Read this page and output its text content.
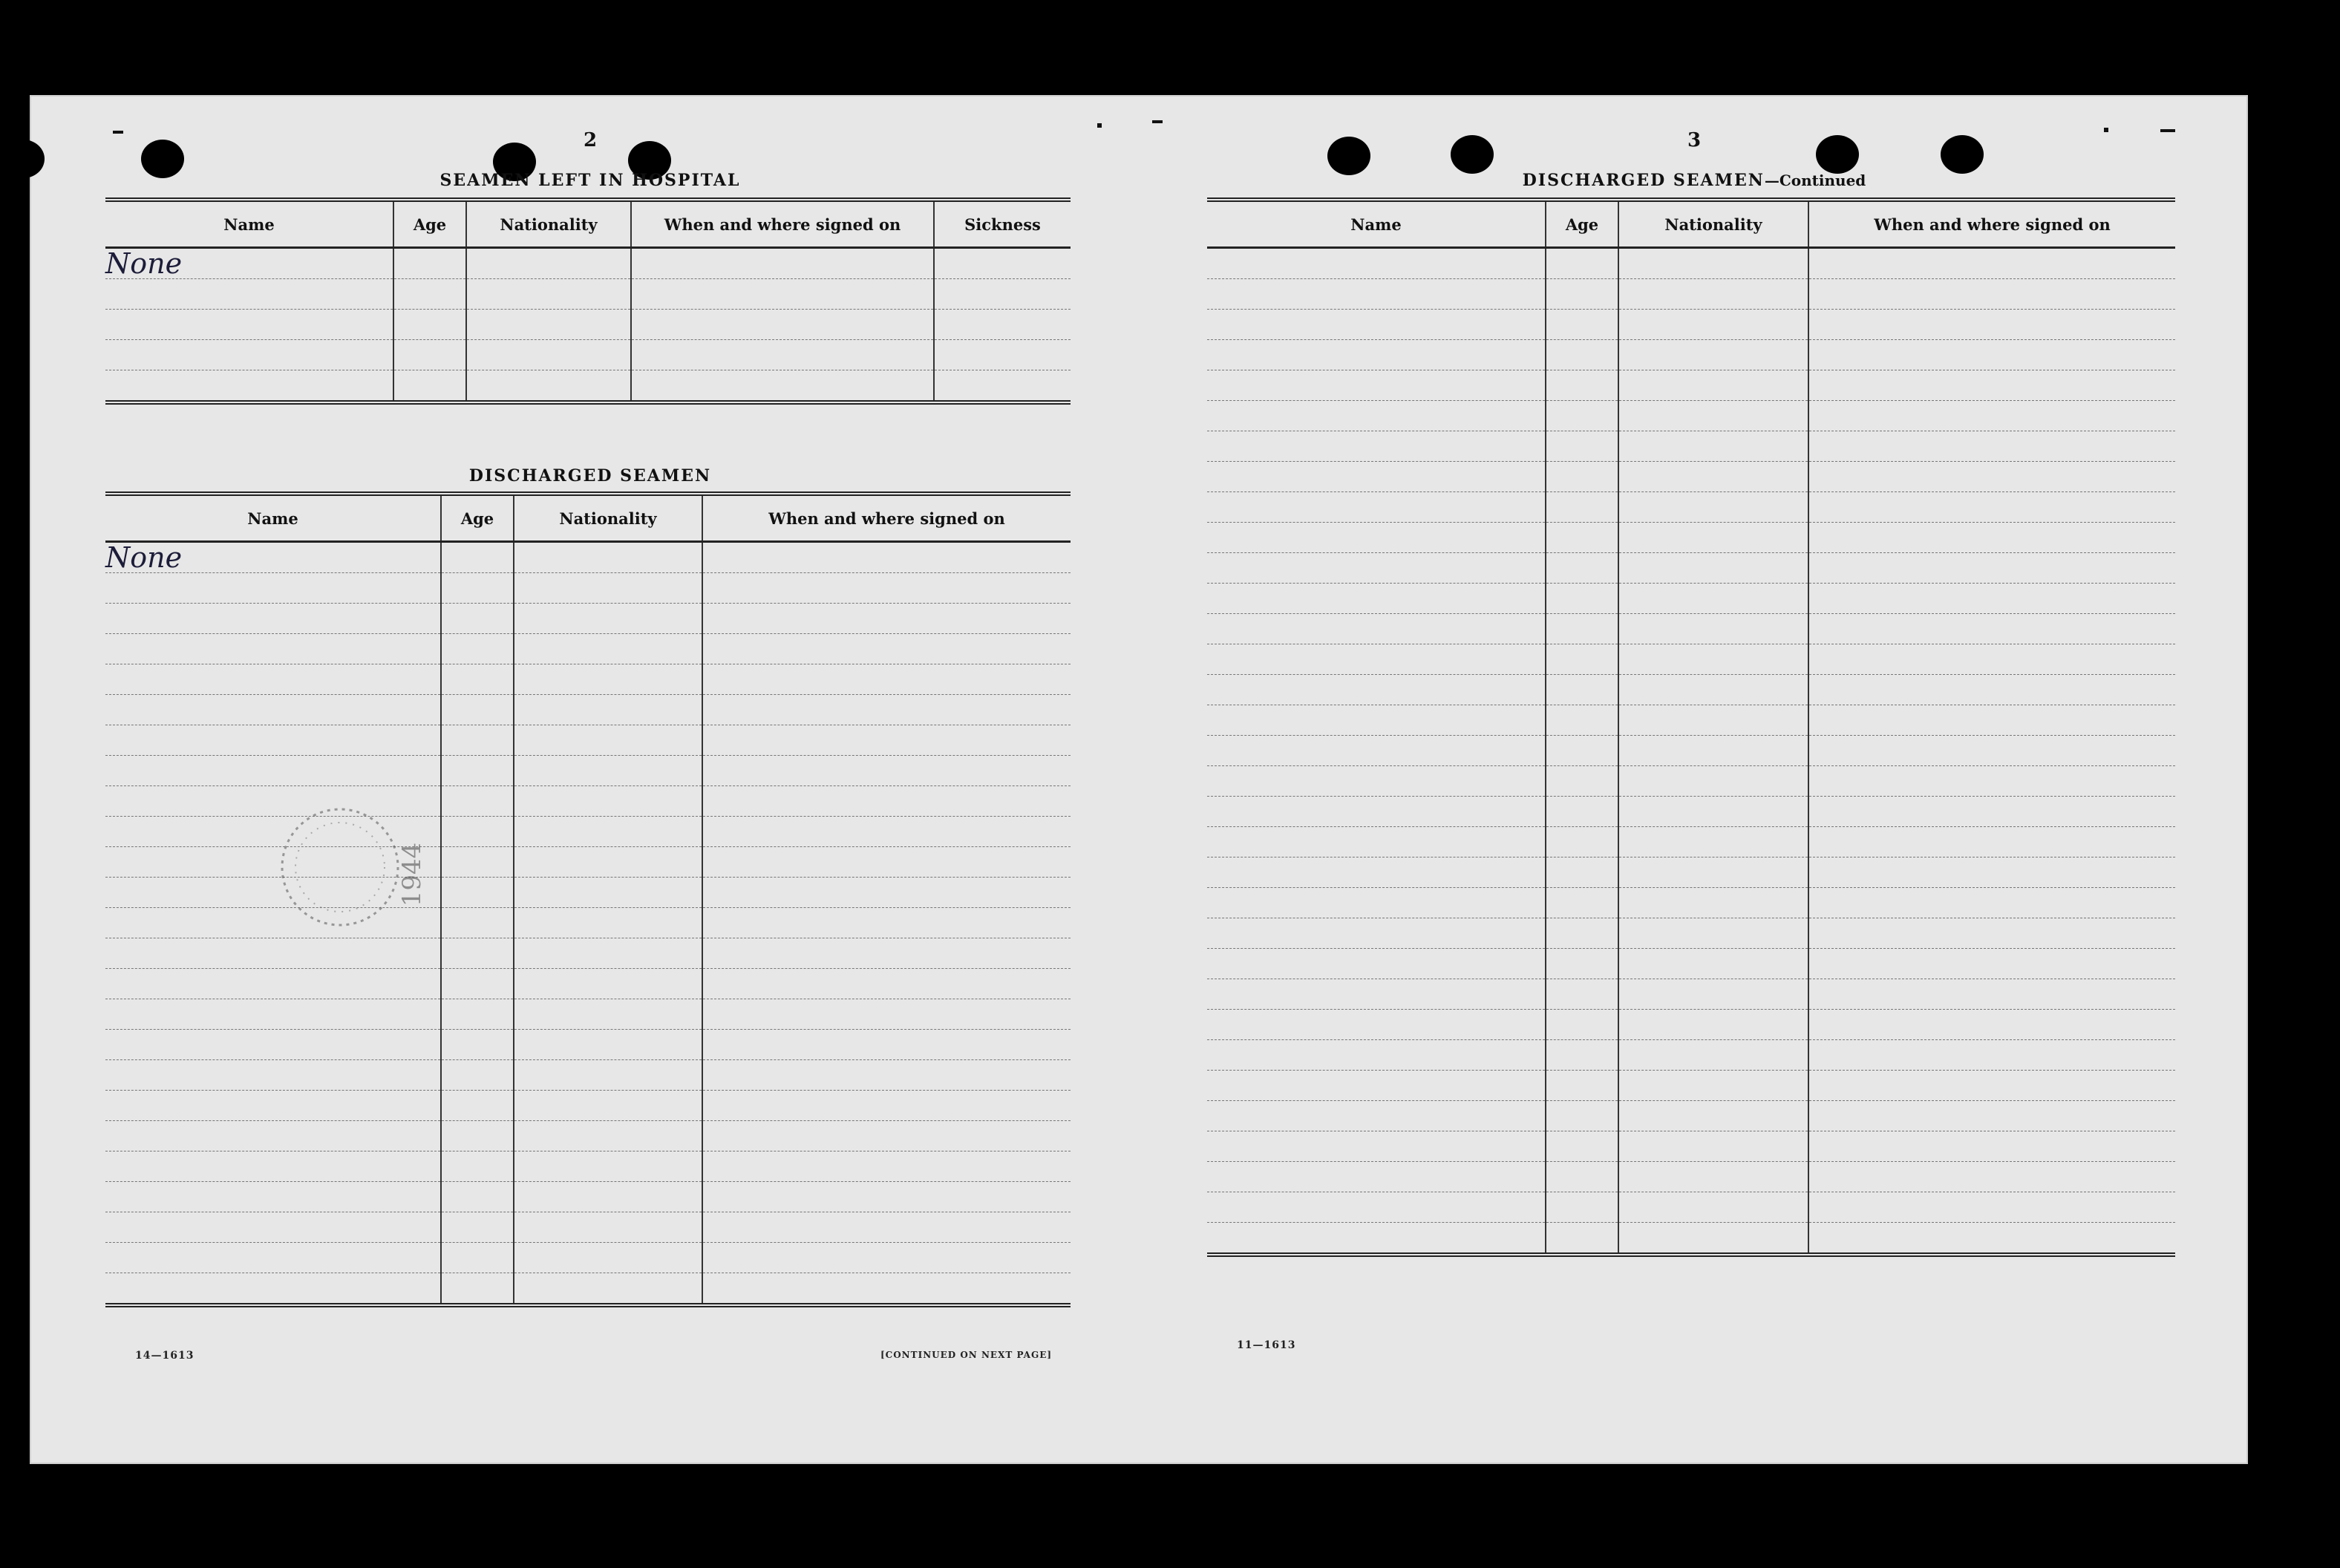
2
SEAMEN LEFT IN HOSPITAL
Name	Age	Nationality	When and where signed on	Sickness
None				

DISCHARGED SEAMEN
Name	Age	Nationality	When and where signed on
None			

1944
14—1613	[CONTINUED ON NEXT PAGE]
3
DISCHARGED SEAMEN—Continued
Name	Age	Nationality	When and where signed on

11—1613
